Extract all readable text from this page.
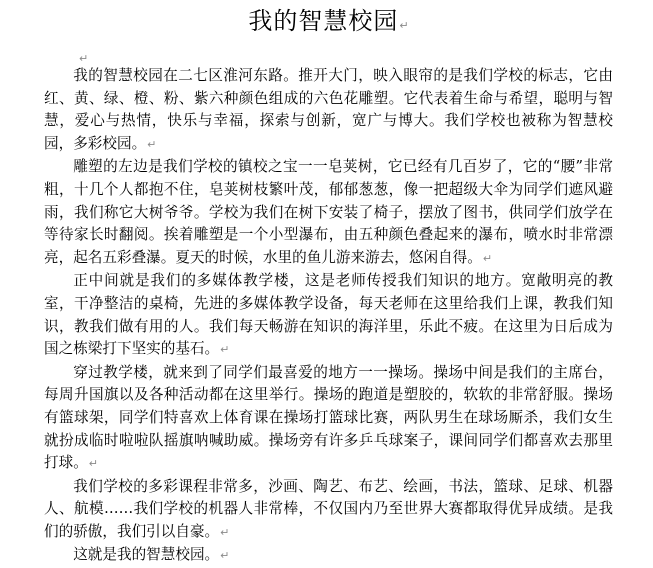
我的智慧校园↵
↵

我的智慧校园在二七区淮河东路。推开大门，映入眼帘的是我们学校的标志，它由红、黄、绿、橙、粉、紫六种颜色组成的六色花雕塑。它代表着生命与希望，聪明与智慧，爱心与热情，快乐与幸福，探索与创新，宽广与博大。我们学校也被称为智慧校园，多彩校园。↵

雕塑的左边是我们学校的镇校之宝一一皂荚树，它已经有几百岁了，它的“腰”非常粗，十几个人都抱不住，皂荚树枝繁叶茂，郁郁葱葱，像一把超级大伞为同学们遮风避雨，我们称它大树爷爷。学校为我们在树下安装了椅子，摆放了图书，供同学们放学在等待家长时翻阅。挨着雕塑是一个小型瀑布，由五种颜色叠起来的瀑布，喷水时非常漂亮，起名五彩叠瀑。夏天的时候，水里的鱼儿游来游去，悠闲自得。↵

正中间就是我们的多媒体教学楼，这是老师传授我们知识的地方。宽敞明亮的教室，干净整洁的桌椅，先进的多媒体教学设备，每天老师在这里给我们上课，教我们知识，教我们做有用的人。我们每天畅游在知识的海洋里，乐此不疲。在这里为日后成为国之栋梁打下坚实的基石。↵

穿过教学楼，就来到了同学们最喜爱的地方一一操场。操场中间是我们的主席台，每周升国旗以及各种活动都在这里举行。操场的跑道是塑胶的，软软的非常舒服。操场有篮球架，同学们特喜欢上体育课在操场打篮球比赛，两队男生在球场厮杀，我们女生就扮成临时啦啦队摇旗呐喊助威。操场旁有许多乒乓球案子，课间同学们都喜欢去那里打球。↵

我们学校的多彩课程非常多，沙画、陶艺、布艺、绘画，书法，篮球、足球、机器人、航模……我们学校的机器人非常棒，不仅国内乃至世界大赛都取得优异成绩。是我们的骄傲，我们引以自豪。↵

这就是我的智慧校园。↵
